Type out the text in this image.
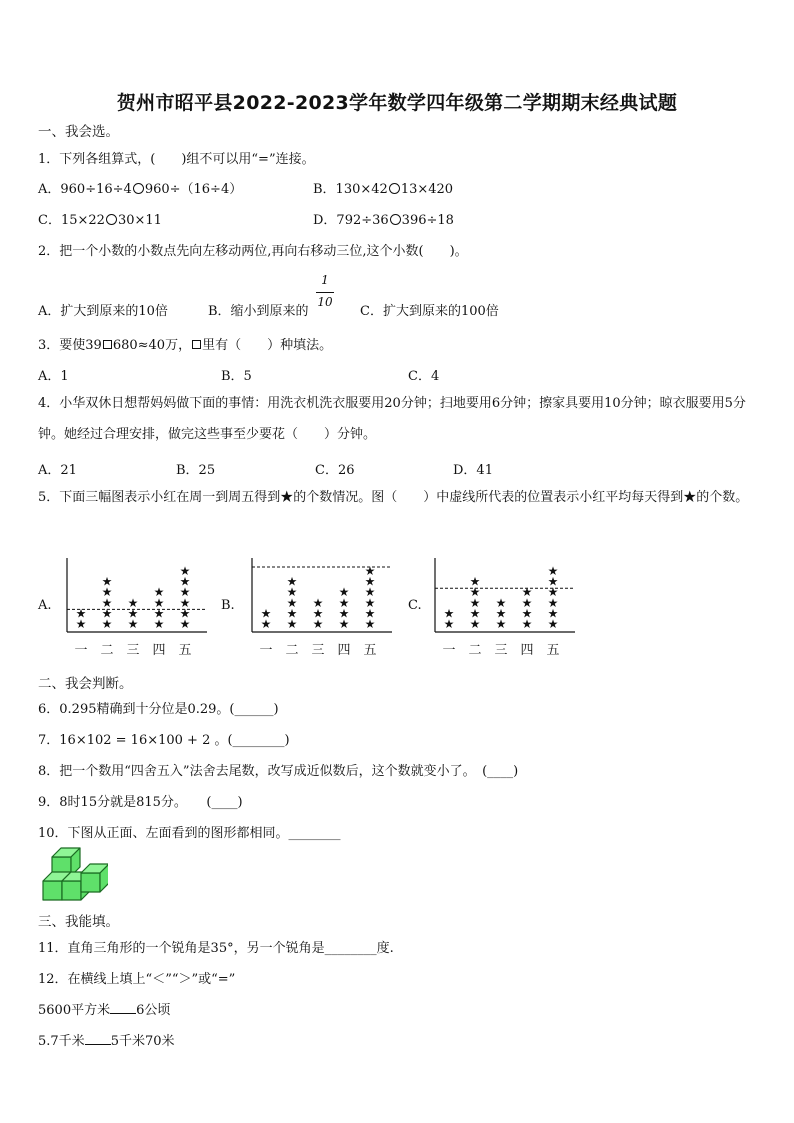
贺州市昭平县2022-2023学年数学四年级第二学期期末经典试题
一、我会选。
1．下列各组算式，(　　)组不可以用“=”连接。
A．960÷16÷4 960÷（16÷4）	B．130×42 13×420
C．15×22 30×11	D．792÷36 396÷18
2．把一个小数的小数点先向左移动两位,再向右移动三位,这个小数(　　)。
A．扩大到原来的10倍	B．缩小到原来的
1
10
C．扩大到原来的100倍
3．要使39 680≈40万， 里有（　　）种填法。
A．1	B．5	C．4
4．小华双休日想帮妈妈做下面的事情：用洗衣机洗衣服要用20分钟；扫地要用6分钟；擦家具要用10分钟；晾衣服要用5分钟。她经过合理安排，做完这些事至少要花（　　）分钟。
A．21	B．25	C．26	D．41
5．下面三幅图表示小红在周一到周五得到★的个数情况。图（　　）中虚线所代表的位置表示小红平均每天得到★的个数。
A.	B.	C.
★
★
一
★
★
★
★
★
二
★
★
★
三
★
★
★
★
四
★
★
★
★
★
★
五
★
★
一
★
★
★
★
★
二
★
★
★
三
★
★
★
★
四
★
★
★
★
★
★
五
★
★
一
★
★
★
★
★
二
★
★
★
三
★
★
★
★
四
★
★
★
★
★
★
五
二、我会判断。
6．0.295精确到十分位是0.29。(______)
7．16×102 = 16×100 + 2 。(________)
8．把一个数用“四舍五入”法舍去尾数，改写成近似数后，这个数就变小了。　(____)
9．8时15分就是815分。　　(____)
10．下图从正面、左面看到的图形都相同。________
三、我能填。
11．直角三角形的一个锐角是35°，另一个锐角是________度.
12．在横线上填上“＜”“＞”或“=”
5600平方米 6公顷
5.7千米 5千米70米
